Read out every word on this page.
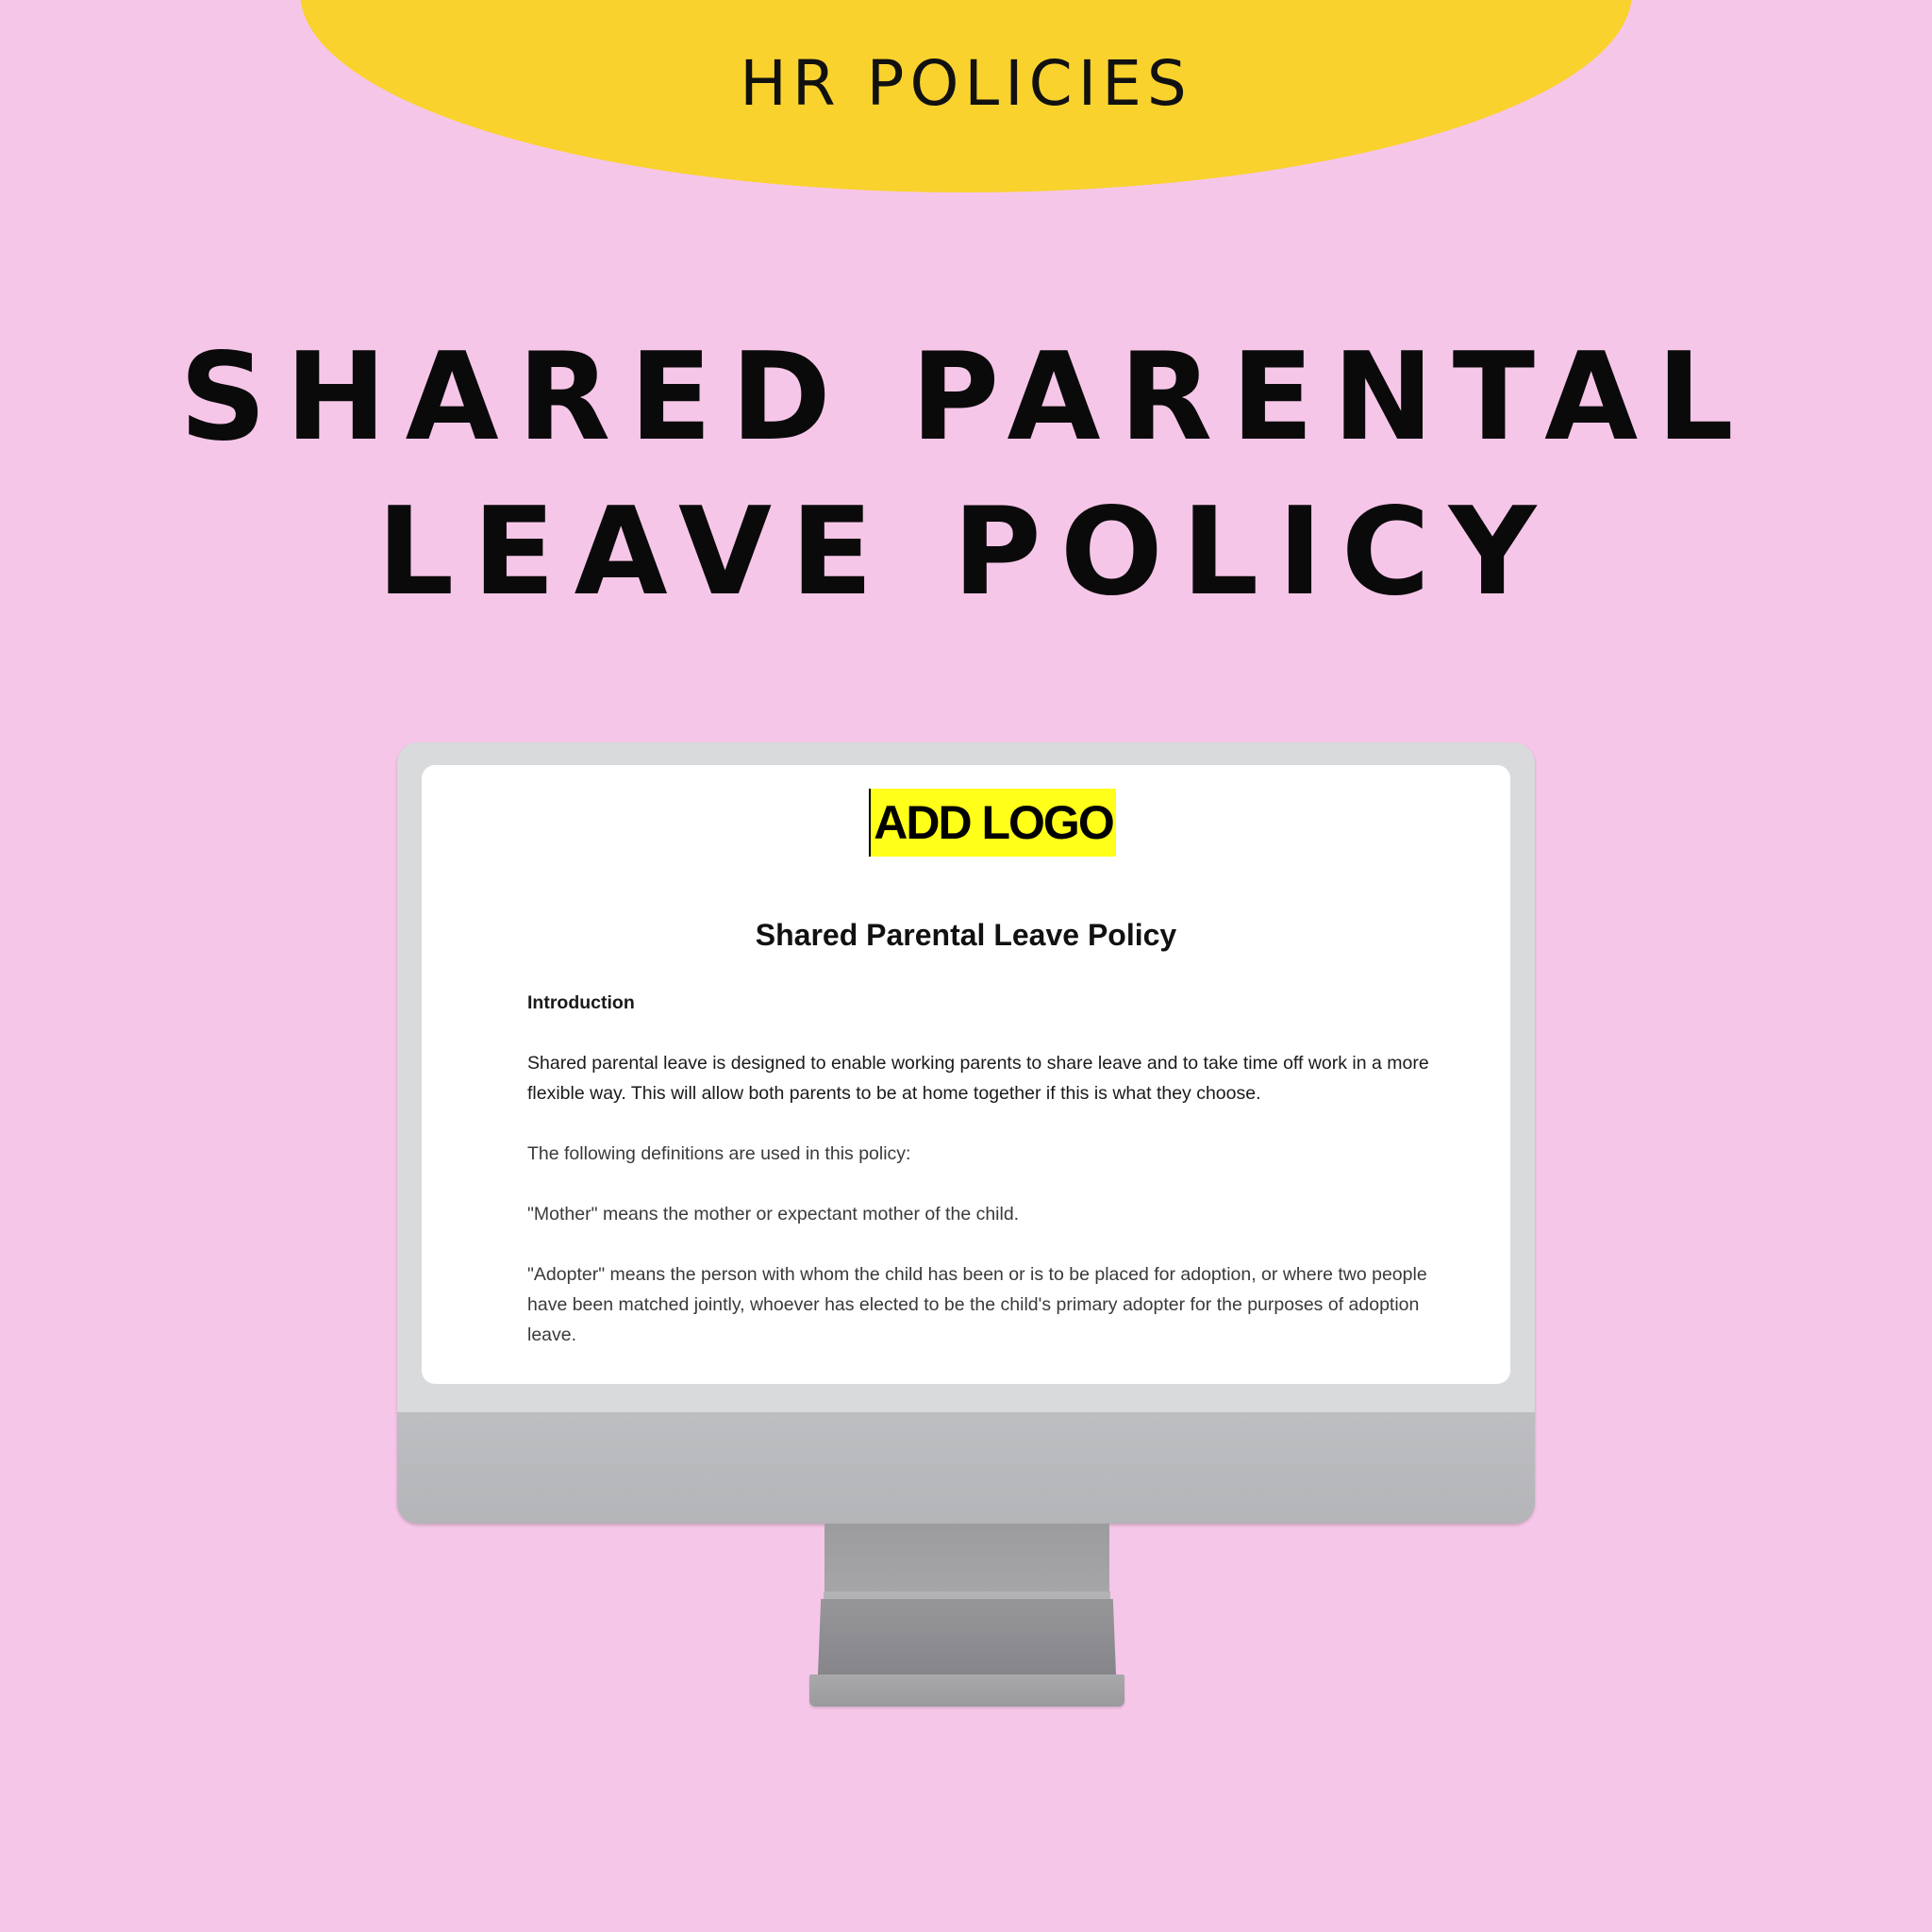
HR POLICIES
SHARED PARENTAL
LEAVE POLICY
ADD LOGO
Shared Parental Leave Policy

Introduction

Shared parental leave is designed to enable working parents to share leave and to take time off work in a more flexible way. This will allow both parents to be at home together if this is what they choose.

The following definitions are used in this policy:

"Mother" means the mother or expectant mother of the child.

"Adopter" means the person with whom the child has been or is to be placed for adoption, or where two people have been matched jointly, whoever has elected to be the child's primary adopter for the purposes of adoption leave.
